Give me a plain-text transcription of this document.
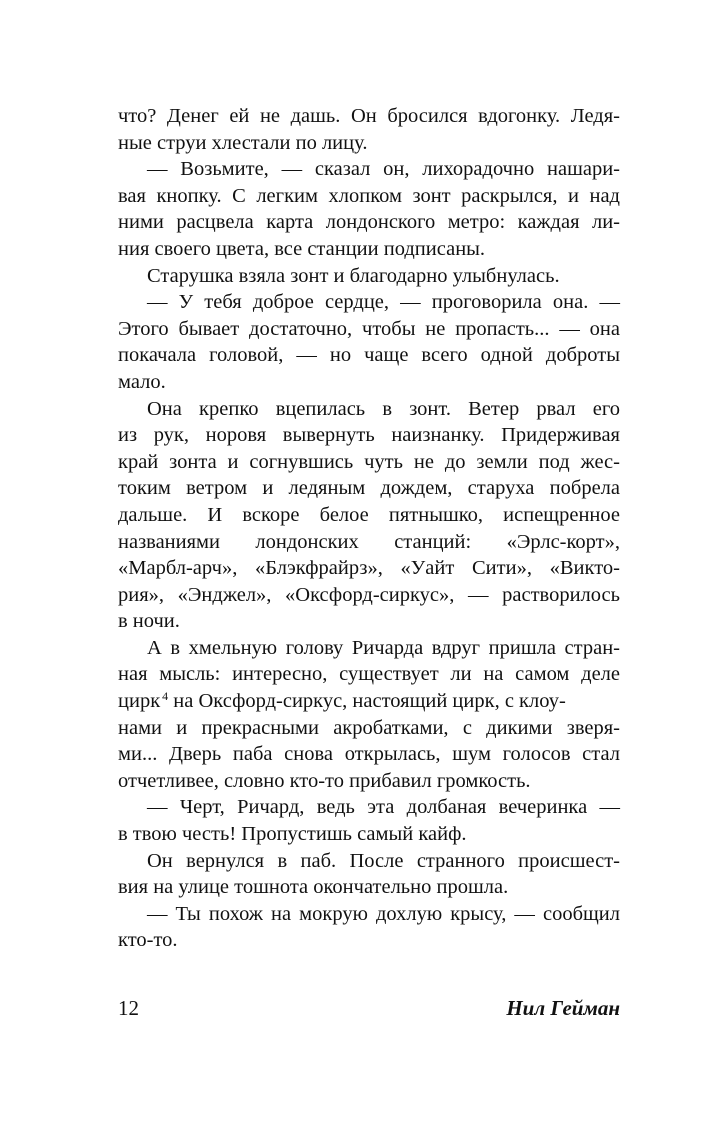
что? Денег ей не дашь. Он бросился вдогонку. Ледя-
ные струи хлестали по лицу.
— Возьмите, — сказал он, лихорадочно нашари-
вая кнопку. С легким хлопком зонт раскрылся, и над
ними расцвела карта лондонского метро: каждая ли-
ния своего цвета, все станции подписаны.
Старушка взяла зонт и благодарно улыбнулась.
— У тебя доброе сердце, — проговорила она. —
Этого бывает достаточно, чтобы не пропасть... — она
покачала головой, — но чаще всего одной доброты
мало.
Она крепко вцепилась в зонт. Ветер рвал его
из рук, норовя вывернуть наизнанку. Придерживая
край зонта и согнувшись чуть не до земли под жес-
токим ветром и ледяным дождем, старуха побрела
дальше. И вскоре белое пятнышко, испещренное
названиями лондонских станций: «Эрлс-корт»,
«Марбл-арч», «Блэкфрайрз», «Уайт Сити», «Викто-
рия», «Энджел», «Оксфорд-сиркус», — растворилось
в ночи.
А в хмельную голову Ричарда вдруг пришла стран-
ная мысль: интересно, существует ли на самом деле
цирк $^4$ на Оксфорд-сиркус, настоящий цирк, с клоу-
нами и прекрасными акробатками, с дикими зверя-
ми... Дверь паба снова открылась, шум голосов стал
отчетливее, словно кто-то прибавил громкость.
— Черт, Ричард, ведь эта долбаная вечеринка —
в твою честь! Пропустишь самый кайф.
Он вернулся в паб. После странного происшест-
вия на улице тошнота окончательно прошла.
— Ты похож на мокрую дохлую крысу, — сообщил
кто-то.
12	Нил Гейман
